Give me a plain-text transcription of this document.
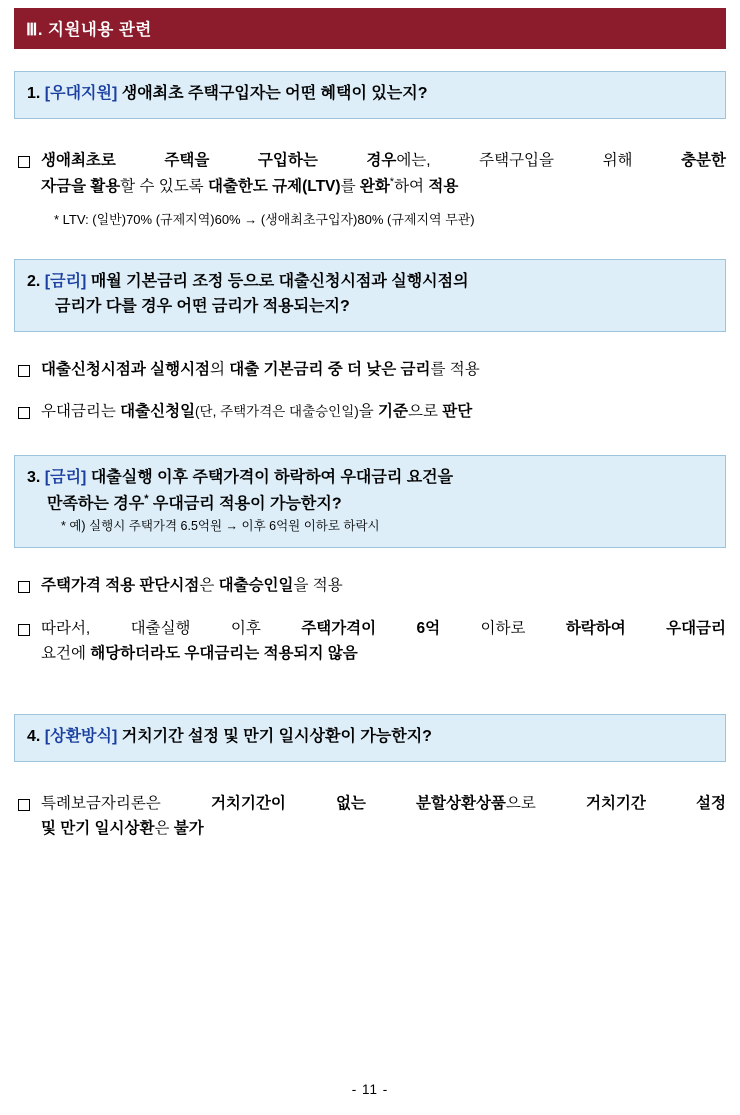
Ⅲ. 지원내용 관련
1. [우대지원] 생애최초 주택구입자는 어떤 혜택이 있는지?
생애최초로 주택을 구입하는 경우에는, 주택구입을 위해 충분한
자금을 활용할 수 있도록 대출한도 규제(LTV)를 완화*하여 적용
* LTV: (일반)70% (규제지역)60% → (생애최초구입자)80% (규제지역 무관)
2. [금리] 매월 기본금리 조정 등으로 대출신청시점과 실행시점의
금리가 다를 경우 어떤 금리가 적용되는지?
대출신청시점과 실행시점의 대출 기본금리 중 더 낮은 금리를 적용
우대금리는 대출신청일(단, 주택가격은 대출승인일)을 기준으로 판단
3. [금리] 대출실행 이후 주택가격이 하락하여 우대금리 요건을
만족하는 경우* 우대금리 적용이 가능한지?
* 예) 실행시 주택가격 6.5억원 → 이후 6억원 이하로 하락시
주택가격 적용 판단시점은 대출승인일을 적용
따라서, 대출실행 이후 주택가격이 6억 이하로 하락하여 우대금리
요건에 해당하더라도 우대금리는 적용되지 않음
4. [상환방식] 거치기간 설정 및 만기 일시상환이 가능한지?
특례보금자리론은 거치기간이 없는 분할상환상품으로 거치기간 설정
및 만기 일시상환은 불가
- 11 -
